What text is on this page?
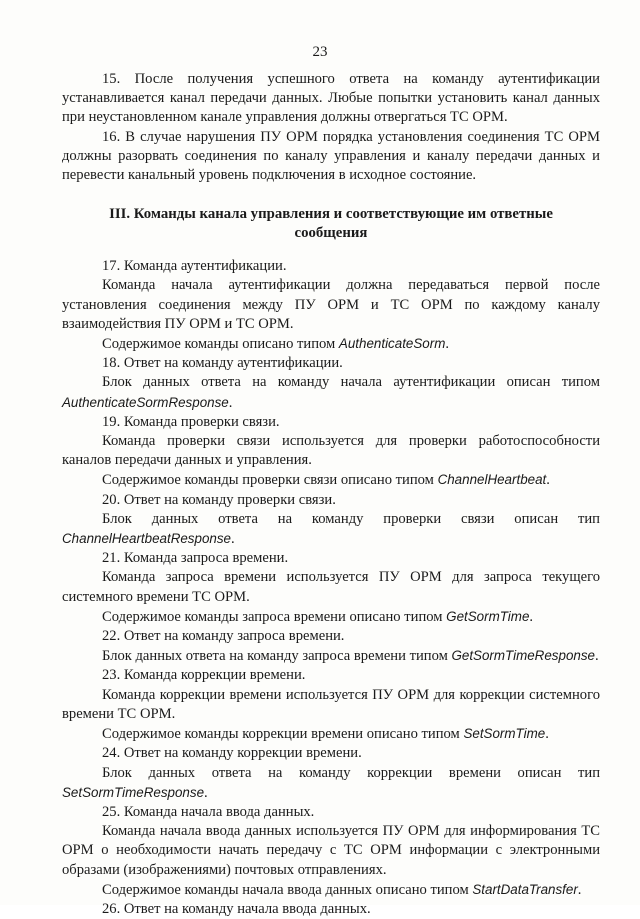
23

15. После получения успешного ответа на команду аутентификации устанавливается канал передачи данных. Любые попытки установить канал данных при неустановленном канале управления должны отвергаться ТС ОРМ.

16. В случае нарушения ПУ ОРМ порядка установления соединения ТС ОРМ должны разорвать соединения по каналу управления и каналу передачи данных и перевести канальный уровень подключения в исходное состояние.

III. Команды канала управления и соответствующие им ответные сообщения

17. Команда аутентификации.

Команда начала аутентификации должна передаваться первой после установления соединения между ПУ ОРМ и ТС ОРМ по каждому каналу взаимодействия ПУ ОРМ и ТС ОРМ.

Содержимое команды описано типом AuthenticateSorm.

18. Ответ на команду аутентификации.

Блок данных ответа на команду начала аутентификации описан типом AuthenticateSormResponse.

19. Команда проверки связи.

Команда проверки связи используется для проверки работоспособности каналов передачи данных и управления.

Содержимое команды проверки связи описано типом ChannelHeartbeat.

20. Ответ на команду проверки связи.

Блок данных ответа на команду проверки связи описан тип ChannelHeartbeatResponse.

21. Команда запроса времени.

Команда запроса времени используется ПУ ОРМ для запроса текущего системного времени ТС ОРМ.

Содержимое команды запроса времени описано типом GetSormTime.

22. Ответ на команду запроса времени.

Блок данных ответа на команду запроса времени типом GetSormTimeResponse.

23. Команда коррекции времени.

Команда коррекции времени используется ПУ ОРМ для коррекции системного времени ТС ОРМ.

Содержимое команды коррекции времени описано типом SetSormTime.

24. Ответ на команду коррекции времени.

Блок данных ответа на команду коррекции времени описан тип SetSormTimeResponse.

25. Команда начала ввода данных.

Команда начала ввода данных используется ПУ ОРМ для информирования ТС ОРМ о необходимости начать передачу с ТС ОРМ информации с электронными образами (изображениями) почтовых отправлениях.

Содержимое команды начала ввода данных описано типом StartDataTransfer.

26. Ответ на команду начала ввода данных.
